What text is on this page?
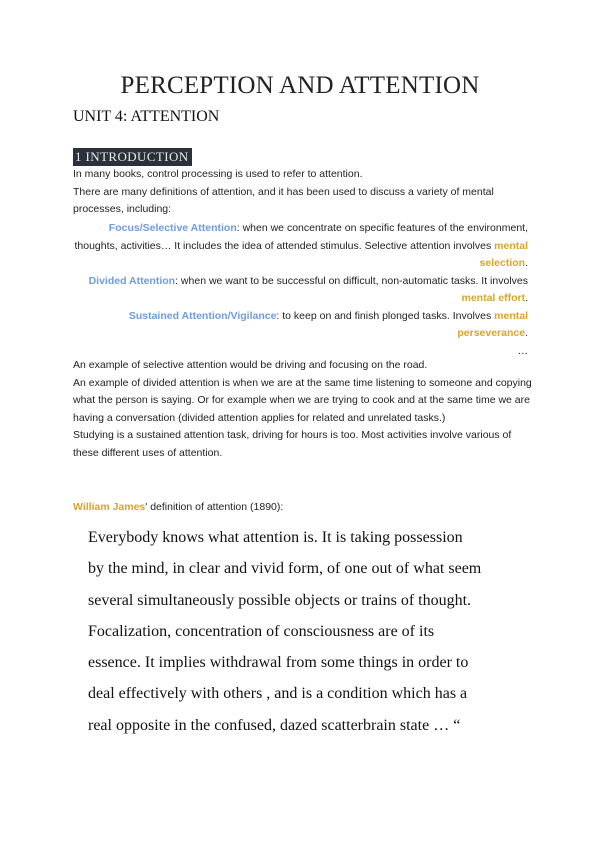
PERCEPTION AND ATTENTION
UNIT 4: ATTENTION
1 INTRODUCTION

In many books, control processing is used to refer to attention.

There are many definitions of attention, and it has been used to discuss a variety of mental processes, including:

Focus/Selective Attention: when we concentrate on specific features of the environment, thoughts, activities… It includes the idea of attended stimulus. Selective attention involves mental selection.

Divided Attention: when we want to be successful on difficult, non-automatic tasks. It involves mental effort.

Sustained Attention/Vigilance: to keep on and finish plonged tasks. Involves mental perseverance.

…

An example of selective attention would be driving and focusing on the road.

An example of divided attention is when we are at the same time listening to someone and copying what the person is saying. Or for example when we are trying to cook and at the same time we are having a conversation (divided attention applies for related and unrelated tasks.)

Studying is a sustained attention task, driving for hours is too. Most activities involve various of these different uses of attention.

William James' definition of attention (1890):

Everybody knows what attention is. It is taking possession

by the mind, in clear and vivid form, of one out of what seem

several simultaneously possible objects or trains of thought.

Focalization, concentration of consciousness are of its

essence. It implies withdrawal from some things in order to

deal effectively with others , and is a condition which has a

real opposite in the confused, dazed scatterbrain state … “
